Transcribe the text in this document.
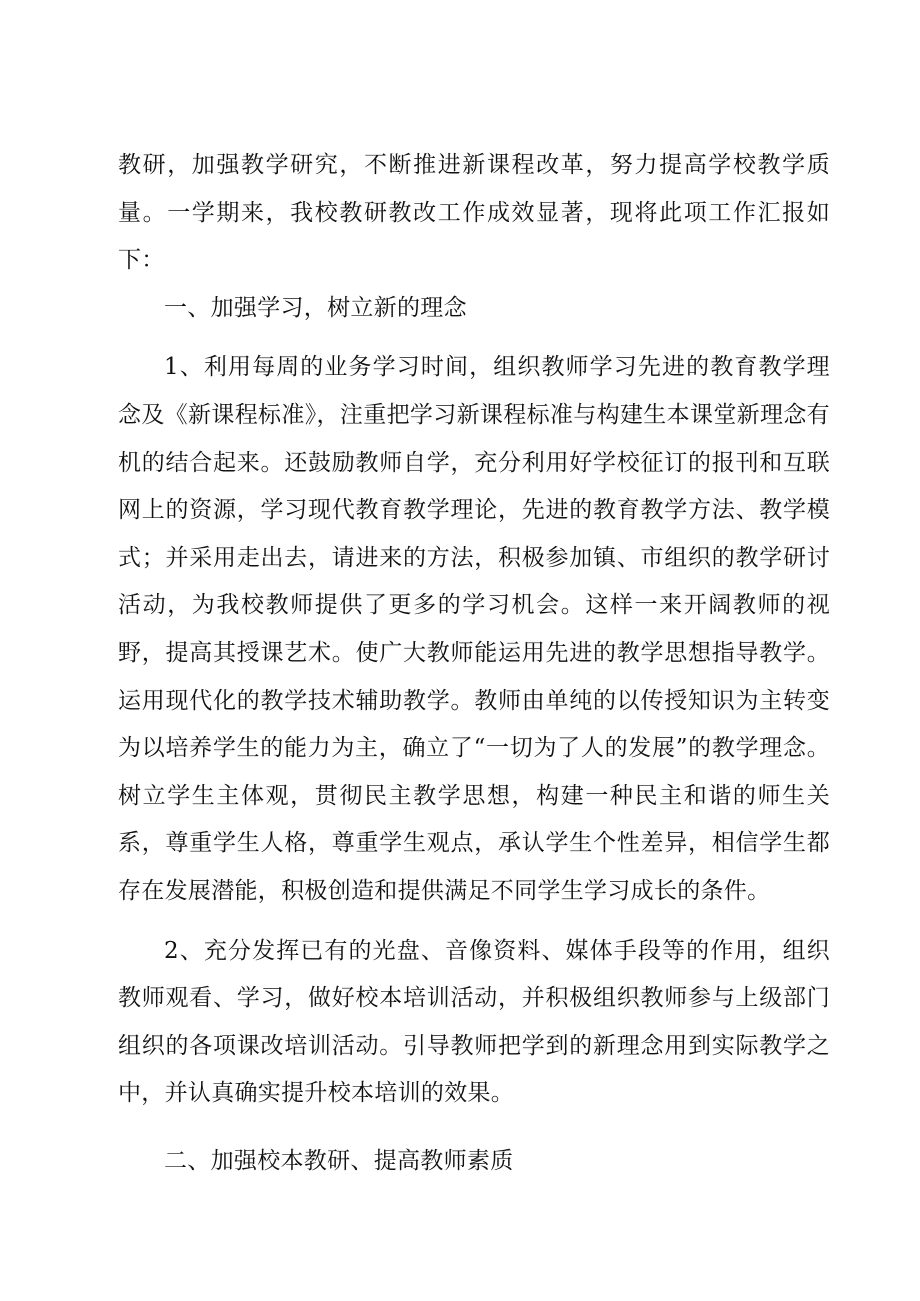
教研，加强教学研究，不断推进新课程改革，努力提高学校教学质量。一学期来，我校教研教改工作成效显著，现将此项工作汇报如下：

一、加强学习，树立新的理念

1、利用每周的业务学习时间，组织教师学习先进的教育教学理念及《新课程标准》，注重把学习新课程标准与构建生本课堂新理念有机的结合起来。还鼓励教师自学，充分利用好学校征订的报刊和互联网上的资源，学习现代教育教学理论，先进的教育教学方法、教学模式；并采用走出去，请进来的方法，积极参加镇、市组织的教学研讨活动，为我校教师提供了更多的学习机会。这样一来开阔教师的视野，提高其授课艺术。使广大教师能运用先进的教学思想指导教学。运用现代化的教学技术辅助教学。教师由单纯的以传授知识为主转变为以培养学生的能力为主，确立了“一切为了人的发展”的教学理念。树立学生主体观，贯彻民主教学思想，构建一种民主和谐的师生关系，尊重学生人格，尊重学生观点，承认学生个性差异，相信学生都存在发展潜能，积极创造和提供满足不同学生学习成长的条件。

2、充分发挥已有的光盘、音像资料、媒体手段等的作用，组织教师观看、学习，做好校本培训活动，并积极组织教师参与上级部门组织的各项课改培训活动。引导教师把学到的新理念用到实际教学之中，并认真确实提升校本培训的效果。

二、加强校本教研、提高教师素质
